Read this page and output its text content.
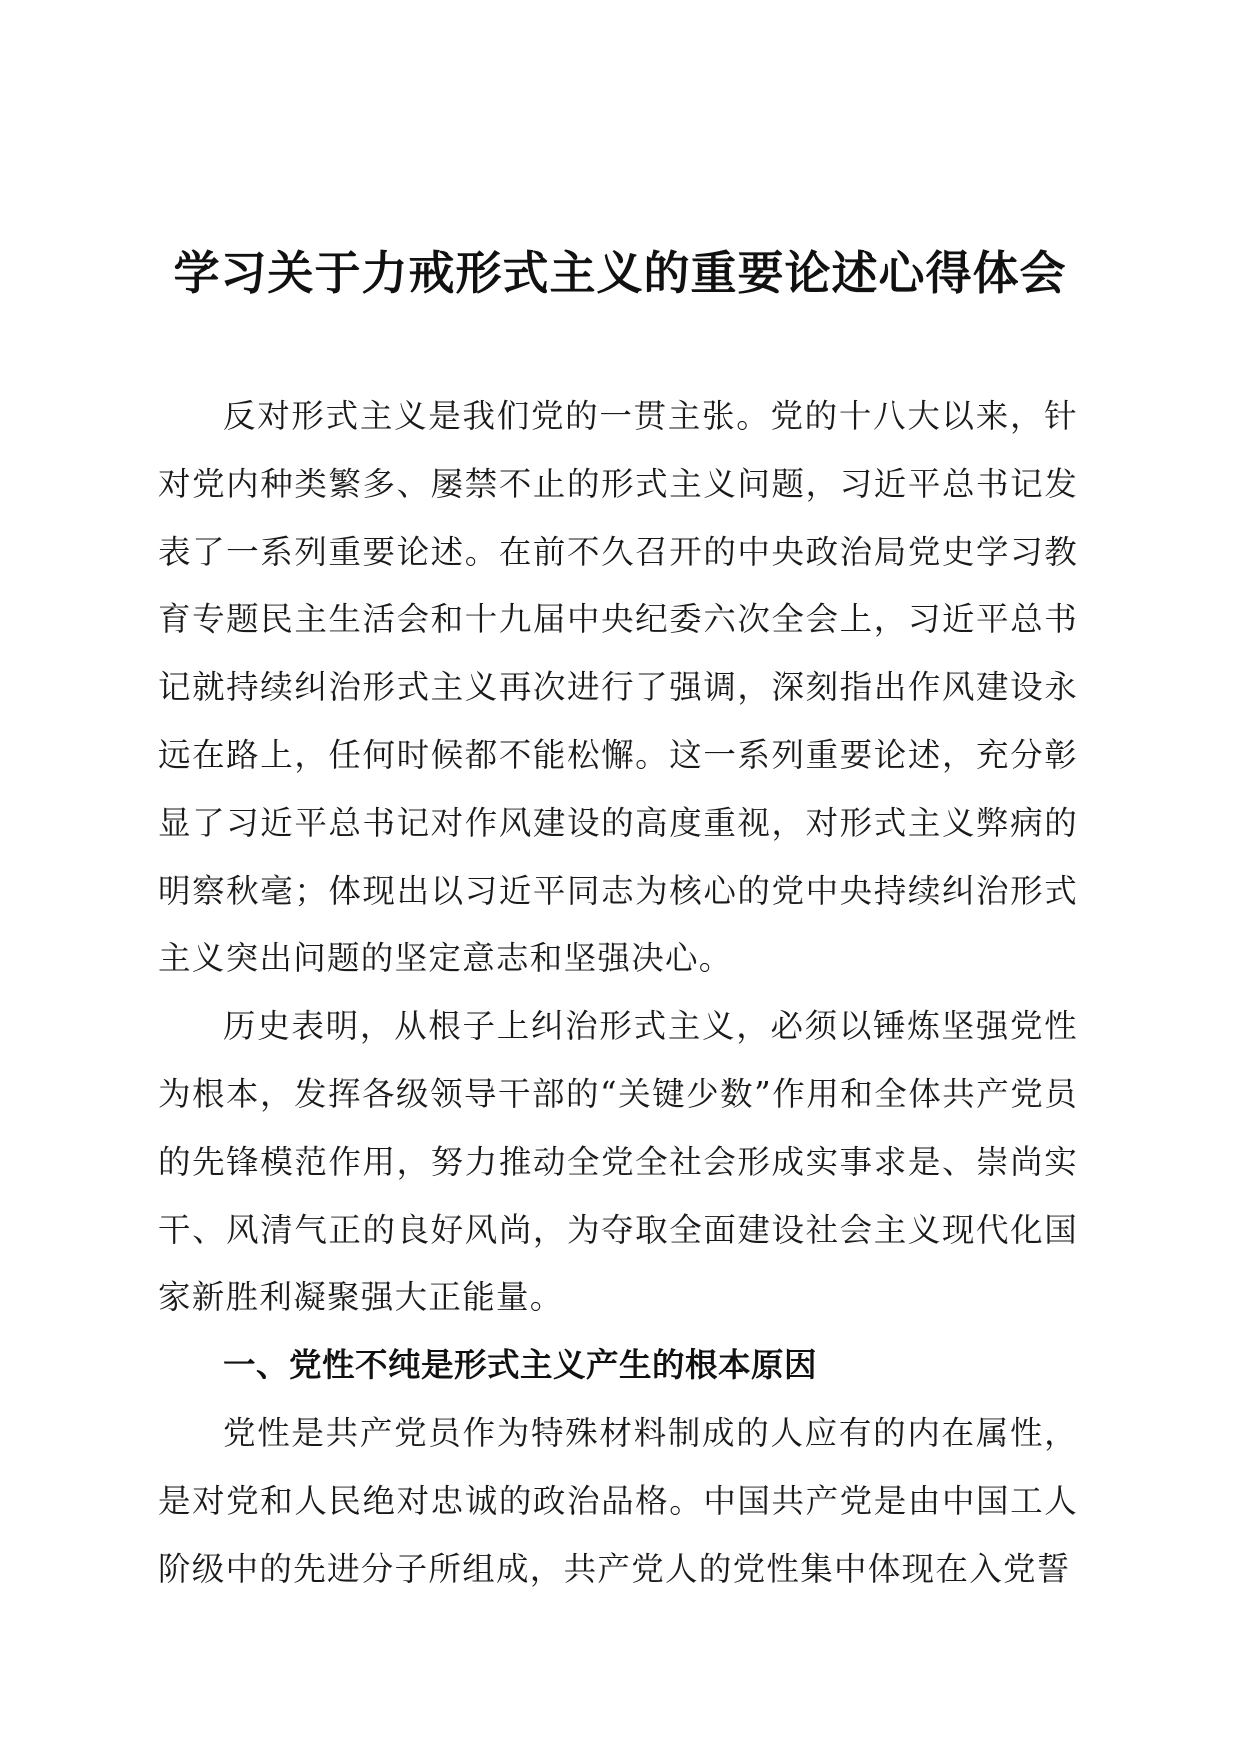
学习关于力戒形式主义的重要论述心得体会

反对形式主义是我们党的一贯主张。党的十八大以来，针对党内种类繁多、屡禁不止的形式主义问题，习近平总书记发表了一系列重要论述。在前不久召开的中央政治局党史学习教育专题民主生活会和十九届中央纪委六次全会上，习近平总书记就持续纠治形式主义再次进行了强调，深刻指出作风建设永远在路上，任何时候都不能松懈。这一系列重要论述，充分彰显了习近平总书记对作风建设的高度重视，对形式主义弊病的明察秋毫；体现出以习近平同志为核心的党中央持续纠治形式主义突出问题的坚定意志和坚强决心。

历史表明，从根子上纠治形式主义，必须以锤炼坚强党性为根本，发挥各级领导干部的“关键少数”作用和全体共产党员的先锋模范作用，努力推动全党全社会形成实事求是、崇尚实干、风清气正的良好风尚，为夺取全面建设社会主义现代化国家新胜利凝聚强大正能量。

一、党性不纯是形式主义产生的根本原因

党性是共产党员作为特殊材料制成的人应有的内在属性，是对党和人民绝对忠诚的政治品格。中国共产党是由中国工人阶级中的先进分子所组成，共产党人的党性集中体现在入党誓
